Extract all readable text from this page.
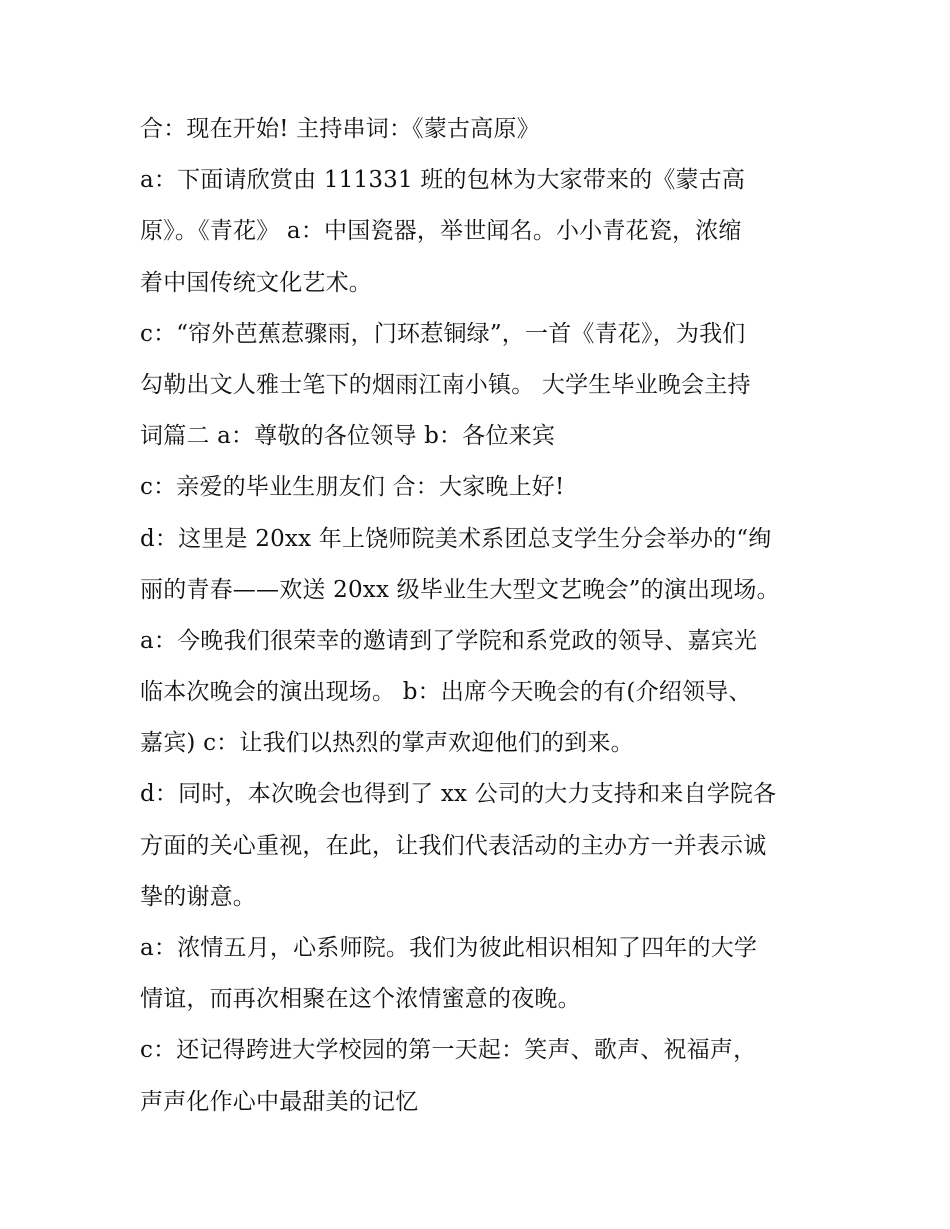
合：现在开始! 主持串词：《蒙古高原》
a：下面请欣赏由 111331 班的包林为大家带来的《蒙古高
原》。《青花》 a：中国瓷器，举世闻名。小小青花瓷，浓缩
着中国传统文化艺术。
c：“帘外芭蕉惹骤雨，门环惹铜绿”，一首《青花》，为我们
勾勒出文人雅士笔下的烟雨江南小镇。 大学生毕业晚会主持
词篇二 a：尊敬的各位领导 b：各位来宾
c：亲爱的毕业生朋友们 合：大家晚上好!
d：这里是 20xx 年上饶师院美术系团总支学生分会举办的“绚
丽的青春——欢送 20xx 级毕业生大型文艺晚会”的演出现场。
a：今晚我们很荣幸的邀请到了学院和系党政的领导、嘉宾光
临本次晚会的演出现场。 b：出席今天晚会的有(介绍领导、
嘉宾) c：让我们以热烈的掌声欢迎他们的到来。
d：同时，本次晚会也得到了 xx 公司的大力支持和来自学院各
方面的关心重视，在此，让我们代表活动的主办方一并表示诚
挚的谢意。
a：浓情五月，心系师院。我们为彼此相识相知了四年的大学
情谊，而再次相聚在这个浓情蜜意的夜晚。
c：还记得跨进大学校园的第一天起：笑声、歌声、祝福声，
声声化作心中最甜美的记忆
